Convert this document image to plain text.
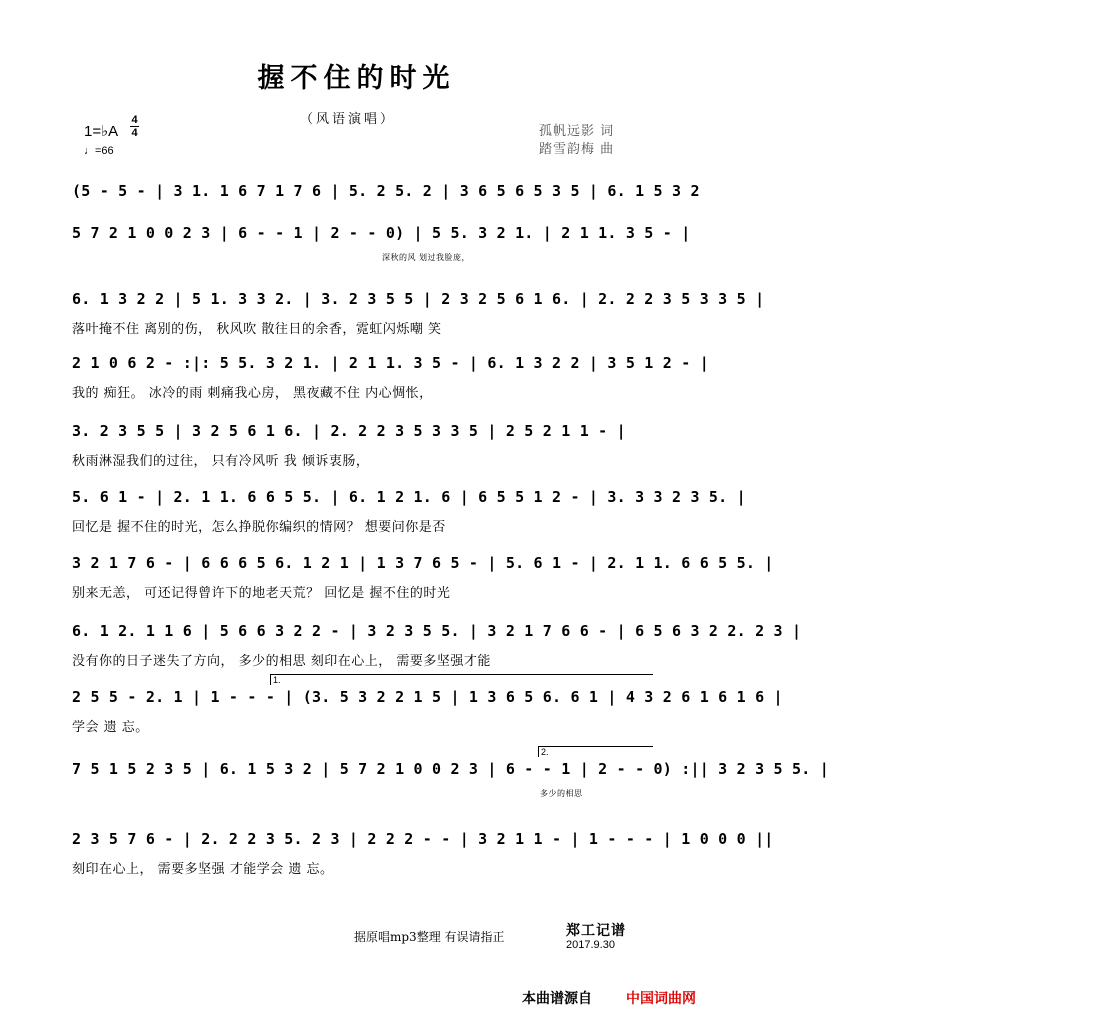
握不住的时光
（风语演唱）
1=♭A
4
4
♩=66
孤帆远影 词
踏雪韵梅 曲
(5 - 5 - | 3 1. 1 6 7 1 7 6 | 5. 2 5. 2 | 3 6 5 6 5 3 5 | 6. 1 5 3 2
5 7 2 1 0 0 2 3 | 6 - - 1 | 2 - - 0) | 5 5. 3 2 1. | 2 1 1. 3 5 - |
深秋的风 划过我脸庞，
6. 1 3 2 2 | 5 1. 3 3 2. | 3. 2 3 5 5 | 2 3 2 5 6 1 6. | 2. 2 2 3 5 3 3 5 |
落叶掩不住 离别的伤， 秋风吹 散往日的余香，霓虹闪烁嘲 笑
2 1 0 6 2 - :|: 5 5. 3 2 1. | 2 1 1. 3 5 - | 6. 1 3 2 2 | 3 5 1 2 - |
我的 痴狂。 冰冷的雨 刺痛我心房， 黑夜藏不住 内心惆怅，
3. 2 3 5 5 | 3 2 5 6 1 6. | 2. 2 2 3 5 3 3 5 | 2 5 2 1 1 - |
秋雨淋湿我们的过往， 只有冷风听 我 倾诉衷肠，
5. 6 1 - | 2. 1 1. 6 6 5 5. | 6. 1 2 1. 6 | 6 5 5 1 2 - | 3. 3 3 2 3 5. |
回忆是 握不住的时光，怎么挣脱你编织的情网？ 想要问你是否
3 2 1 7 6 - | 6 6 6 5 6. 1 2 1 | 1 3 7 6 5 - | 5. 6 1 - | 2. 1 1. 6 6 5 5. |
别来无恙， 可还记得曾许下的地老天荒？ 回忆是 握不住的时光
6. 1 2. 1 1 6 | 5 6 6 3 2 2 - | 3 2 3 5 5. | 3 2 1 7 6 6 - | 6 5 6 3 2 2. 2 3 |
没有你的日子迷失了方向， 多少的相思 刻印在心上， 需要多坚强才能
1.
2 5 5 - 2. 1 | 1 - - - | (3. 5 3 2 2 1 5 | 1 3 6 5 6. 6 1 | 4 3 2 6 1 6 1 6 |
学会 遗 忘。
2.
7 5 1 5 2 3 5 | 6. 1 5 3 2 | 5 7 2 1 0 0 2 3 | 6 - - 1 | 2 - - 0) :|| 3 2 3 5 5. |
多少的相思
2 3 5 7 6 - | 2. 2 2 3 5. 2 3 | 2 2 2 - - | 3 2 1 1 - | 1 - - - | 1 0 0 0 ||
刻印在心上， 需要多坚强 才能学会 遗 忘。
据原唱mp3整理 有误请指正	郑工记谱
2017.9.30
本曲谱源自 中国词曲网
